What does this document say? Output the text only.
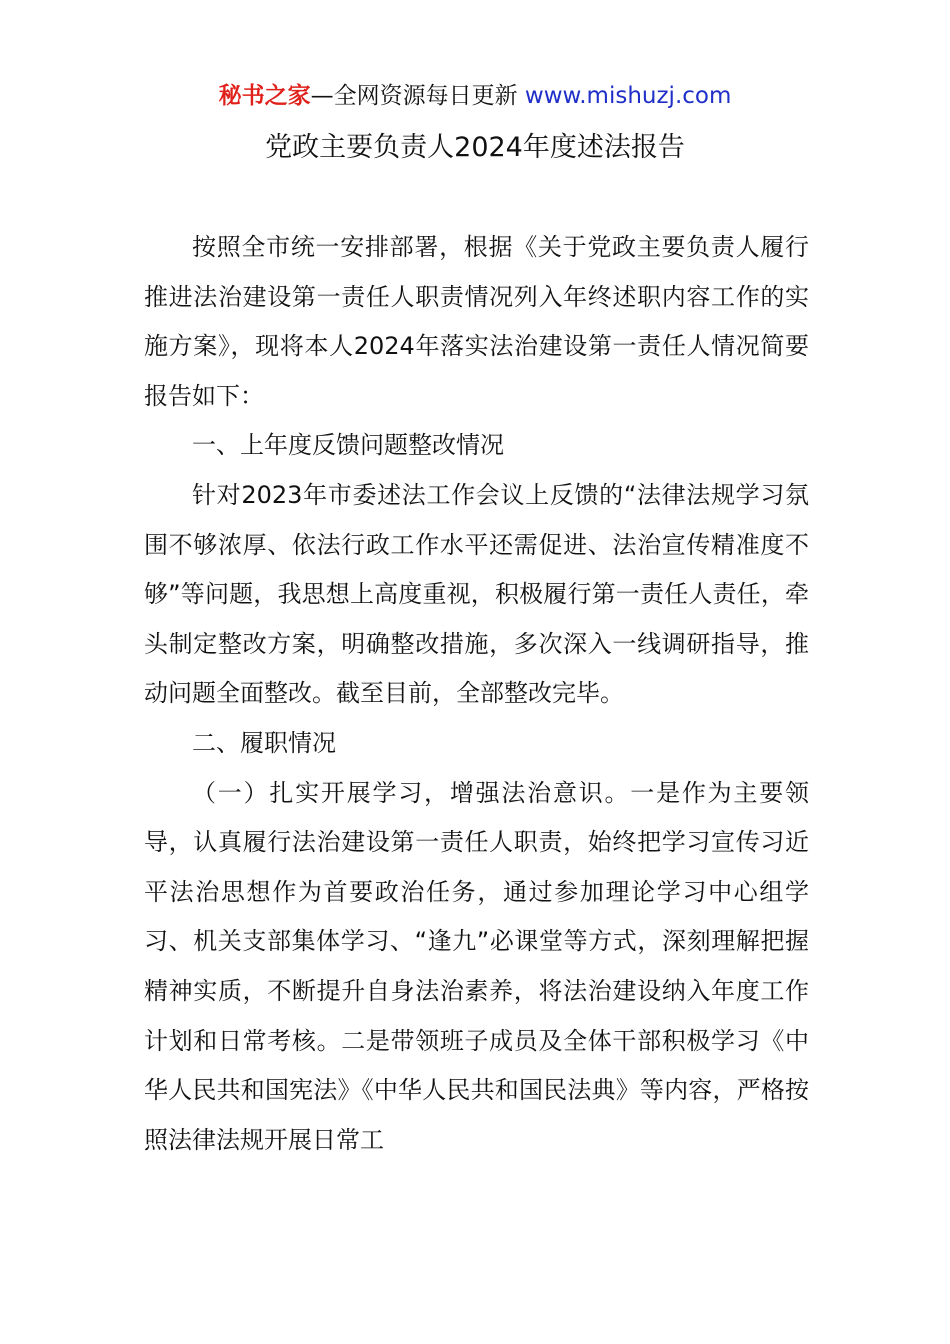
秘书之家—全网资源每日更新 www.mishuzj.com
党政主要负责人2024年度述法报告

按照全市统一安排部署，根据《关于党政主要负责人履行推进法治建设第一责任人职责情况列入年终述职内容工作的实施方案》，现将本人2024年落实法治建设第一责任人情况简要报告如下：

一、上年度反馈问题整改情况

针对2023年市委述法工作会议上反馈的“法律法规学习氛围不够浓厚、依法行政工作水平还需促进、法治宣传精准度不够”等问题，我思想上高度重视，积极履行第一责任人责任，牵头制定整改方案，明确整改措施，多次深入一线调研指导，推动问题全面整改。截至目前，全部整改完毕。

二、履职情况

（一）扎实开展学习，增强法治意识。一是作为主要领导，认真履行法治建设第一责任人职责，始终把学习宣传习近平法治思想作为首要政治任务，通过参加理论学习中心组学习、机关支部集体学习、“逢九”必课堂等方式，深刻理解把握精神实质，不断提升自身法治素养，将法治建设纳入年度工作计划和日常考核。二是带领班子成员及全体干部积极学习《中华人民共和国宪法》《中华人民共和国民法典》等内容，严格按照法律法规开展日常工
